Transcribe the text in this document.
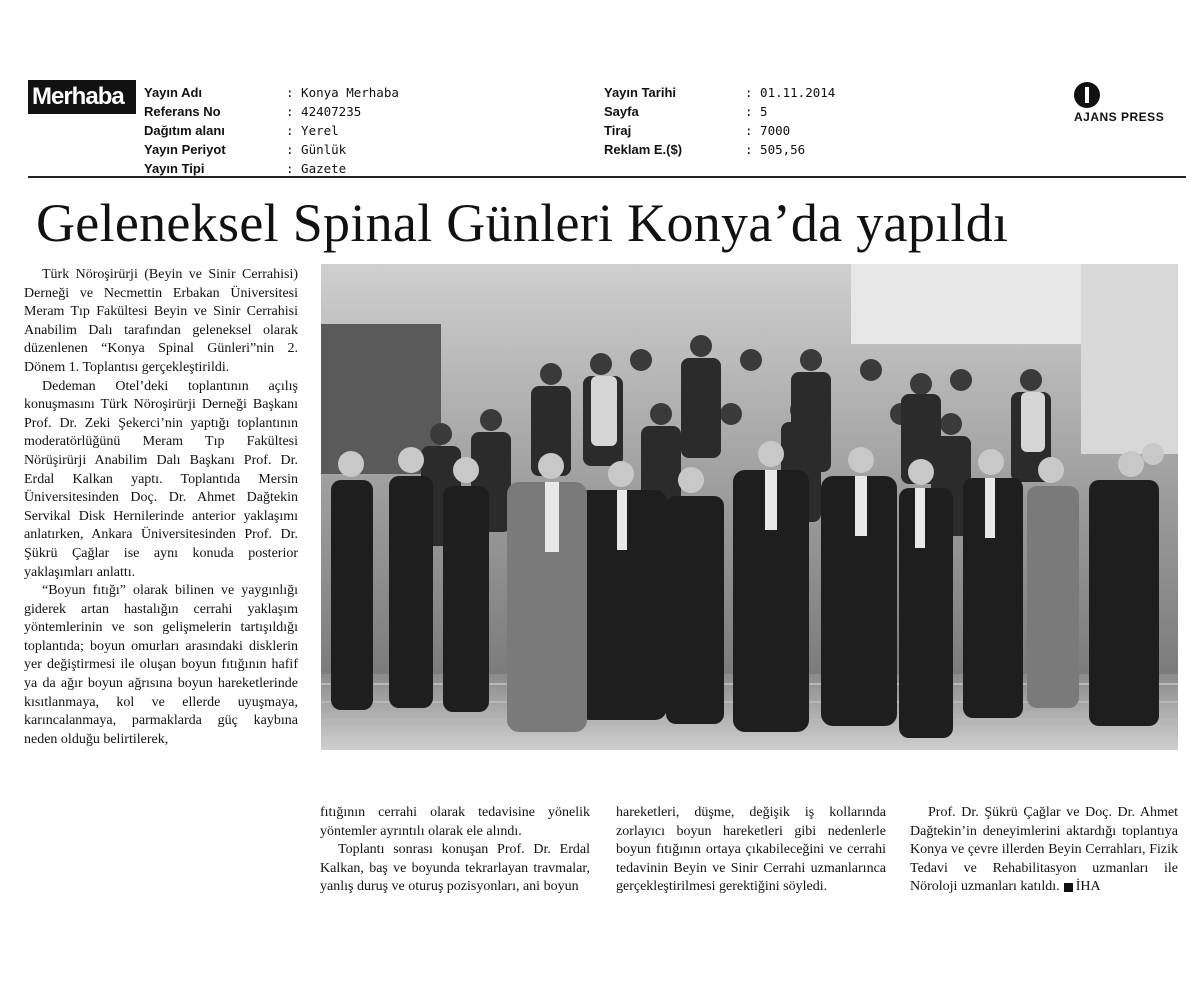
Merhaba Yayın Adı	: Konya Merhaba
Referans No	: 42407235
Dağıtım alanı	: Yerel
Yayın Periyot	: Günlük
Yayın Tipi	: Gazete
Yayın Tarihi	: 01.11.2014
Sayfa	: 5
Tiraj	: 7000
Reklam E.($)	: 505,56
AJANS PRESS
Geleneksel Spinal Günleri Konya’da yapıldı

Türk Nöroşirürji (Beyin ve Sinir Cerrahisi) Derneği ve Necmettin Erbakan Üniversitesi Meram Tıp Fakültesi Beyin ve Sinir Cerrahisi Anabilim Dalı tarafından geleneksel olarak düzenlenen “Konya Spinal Günleri”nin 2. Dönem 1. Toplantısı gerçekleştirildi.

Dedeman Otel’deki toplantının açılış konuşmasını Türk Nöroşirürji Derneği Başkanı Prof. Dr. Zeki Şekerci’nin yaptığı toplantının moderatörlüğünü Meram Tıp Fakültesi Nörüşirürji Anabilim Dalı Başkanı Prof. Dr. Erdal Kalkan yaptı. Toplantıda Mersin Üniversitesinden Doç. Dr. Ahmet Dağtekin Servikal Disk Hernilerinde anterior yaklaşımı anlatırken, Ankara Üniversitesinden Prof. Dr. Şükrü Çağlar ise aynı konuda posterior yaklaşımları anlattı.

“Boyun fıtığı” olarak bilinen ve yaygınlığı giderek artan hastalığın cerrahi yaklaşım yöntemlerinin ve son gelişmelerin tartışıldığı toplantıda; boyun omurları arasındaki disklerin yer değiştirmesi ile oluşan boyun fıtığının hafif ya da ağır boyun ağrısına boyun hareketlerinde kısıtlanmaya, kol ve ellerde uyuşmaya, karıncalanmaya, parmaklarda güç kaybına neden olduğu belirtilerek,

fıtığının cerrahi olarak tedavisine yönelik yöntemler ayrıntılı olarak ele alındı.

Toplantı sonrası konuşan Prof. Dr. Erdal Kalkan, baş ve boyunda tekrarlayan travmalar, yanlış duruş ve oturuş pozisyonları, ani boyun

hareketleri, düşme, değişik iş kollarında zorlayıcı boyun hareketleri gibi nedenlerle boyun fıtığının ortaya çıkabileceğini ve cerrahi tedavinin Beyin ve Sinir Cerrahi uzmanlarınca gerçekleştirilmesi gerektiğini söyledi.

Prof. Dr. Şükrü Çağlar ve Doç. Dr. Ahmet Dağtekin’in deneyimlerini aktardığı toplantıya Konya ve çevre illerden Beyin Cerrahları, Fizik Tedavi ve Rehabilitasyon uzmanları ile Nöroloji uzmanları katıldı. İHA
